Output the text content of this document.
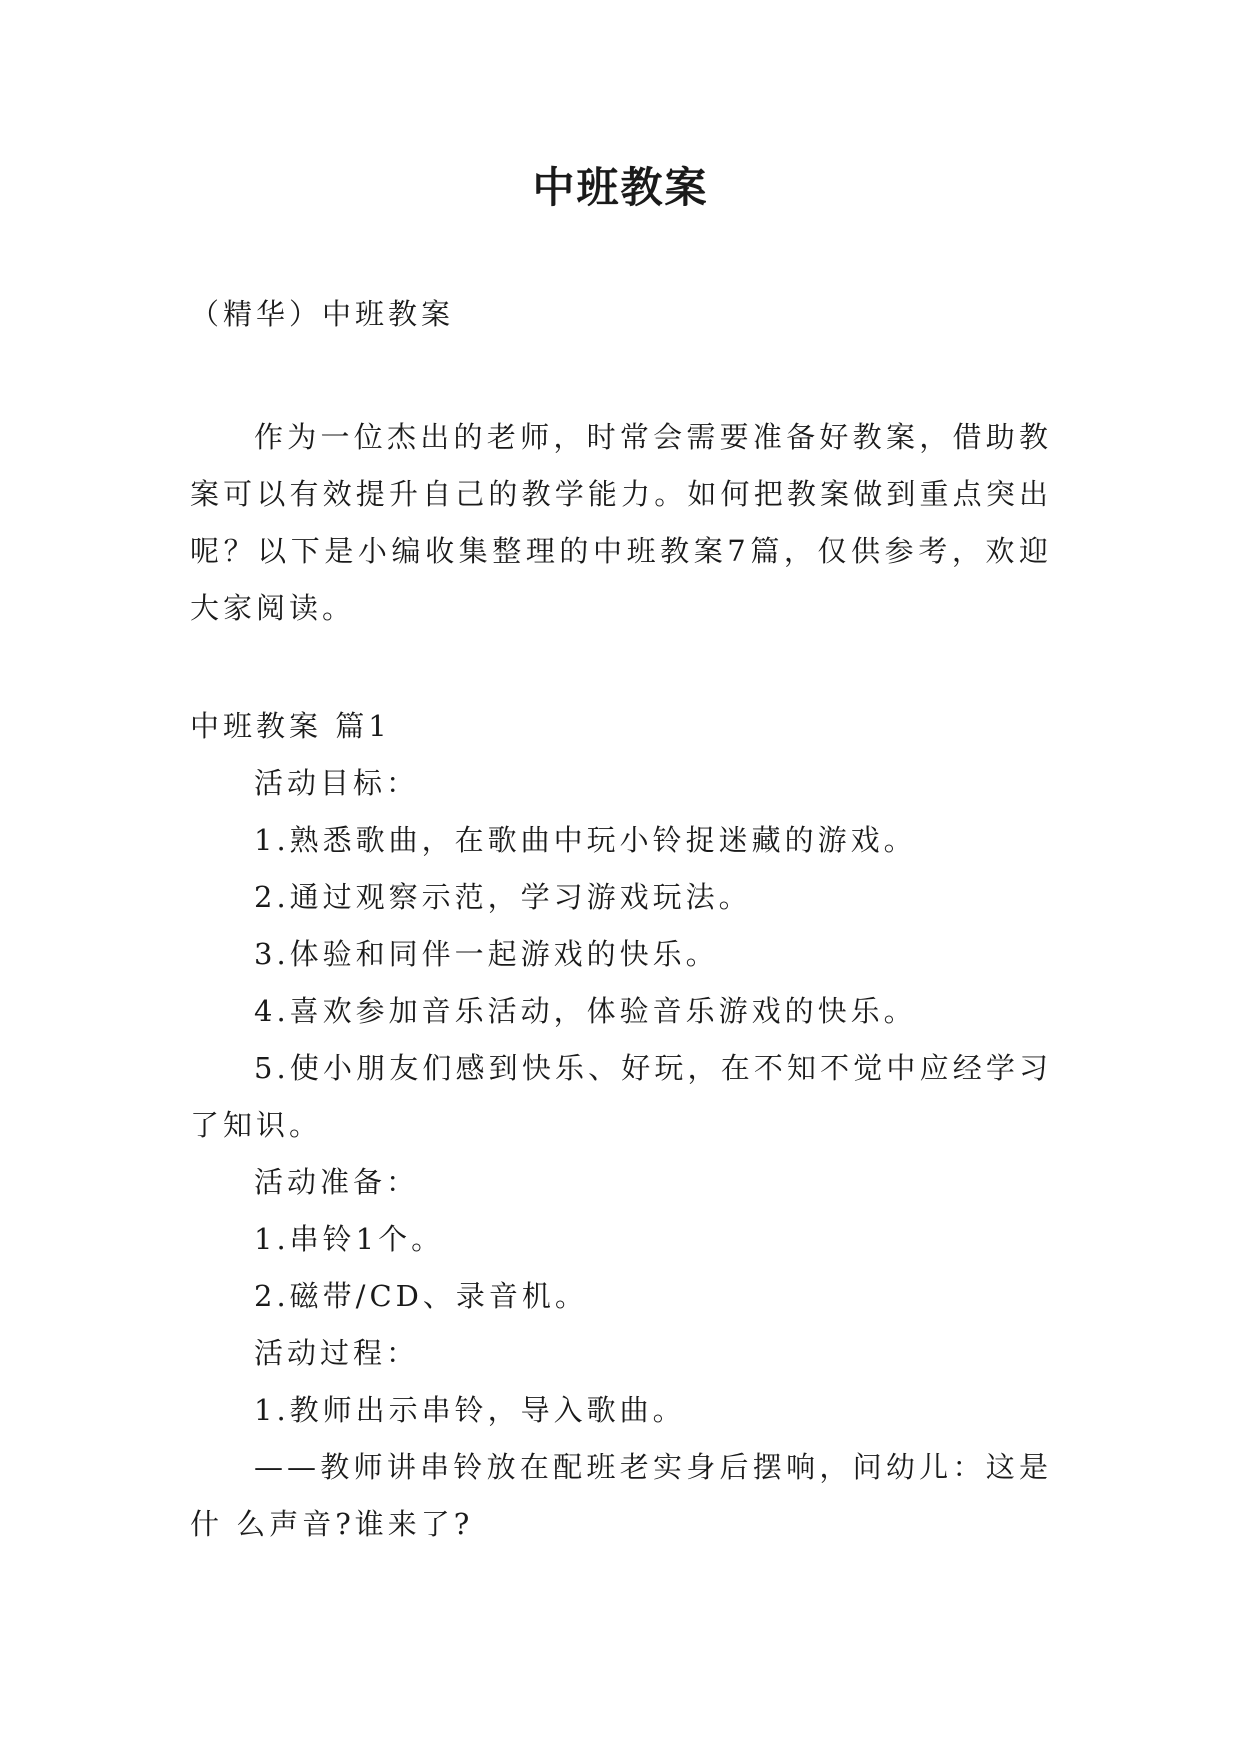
中班教案
（精华）中班教案
作为一位杰出的老师，时常会需要准备好教案，借助教案可以有效提升自己的教学能力。如何把教案做到重点突出呢？以下是小编收集整理的中班教案7篇，仅供参考，欢迎大家阅读。

中班教案 篇1

活动目标：

1.熟悉歌曲，在歌曲中玩小铃捉迷藏的游戏。

2.通过观察示范，学习游戏玩法。

3.体验和同伴一起游戏的快乐。

4.喜欢参加音乐活动，体验音乐游戏的快乐。

5.使小朋友们感到快乐、好玩，在不知不觉中应经学习了知识。

活动准备：

1.串铃1个。

2.磁带/CD、录音机。

活动过程：

1.教师出示串铃，导入歌曲。

——教师讲串铃放在配班老实身后摆响，问幼儿：这是什 么声音?谁来了?
